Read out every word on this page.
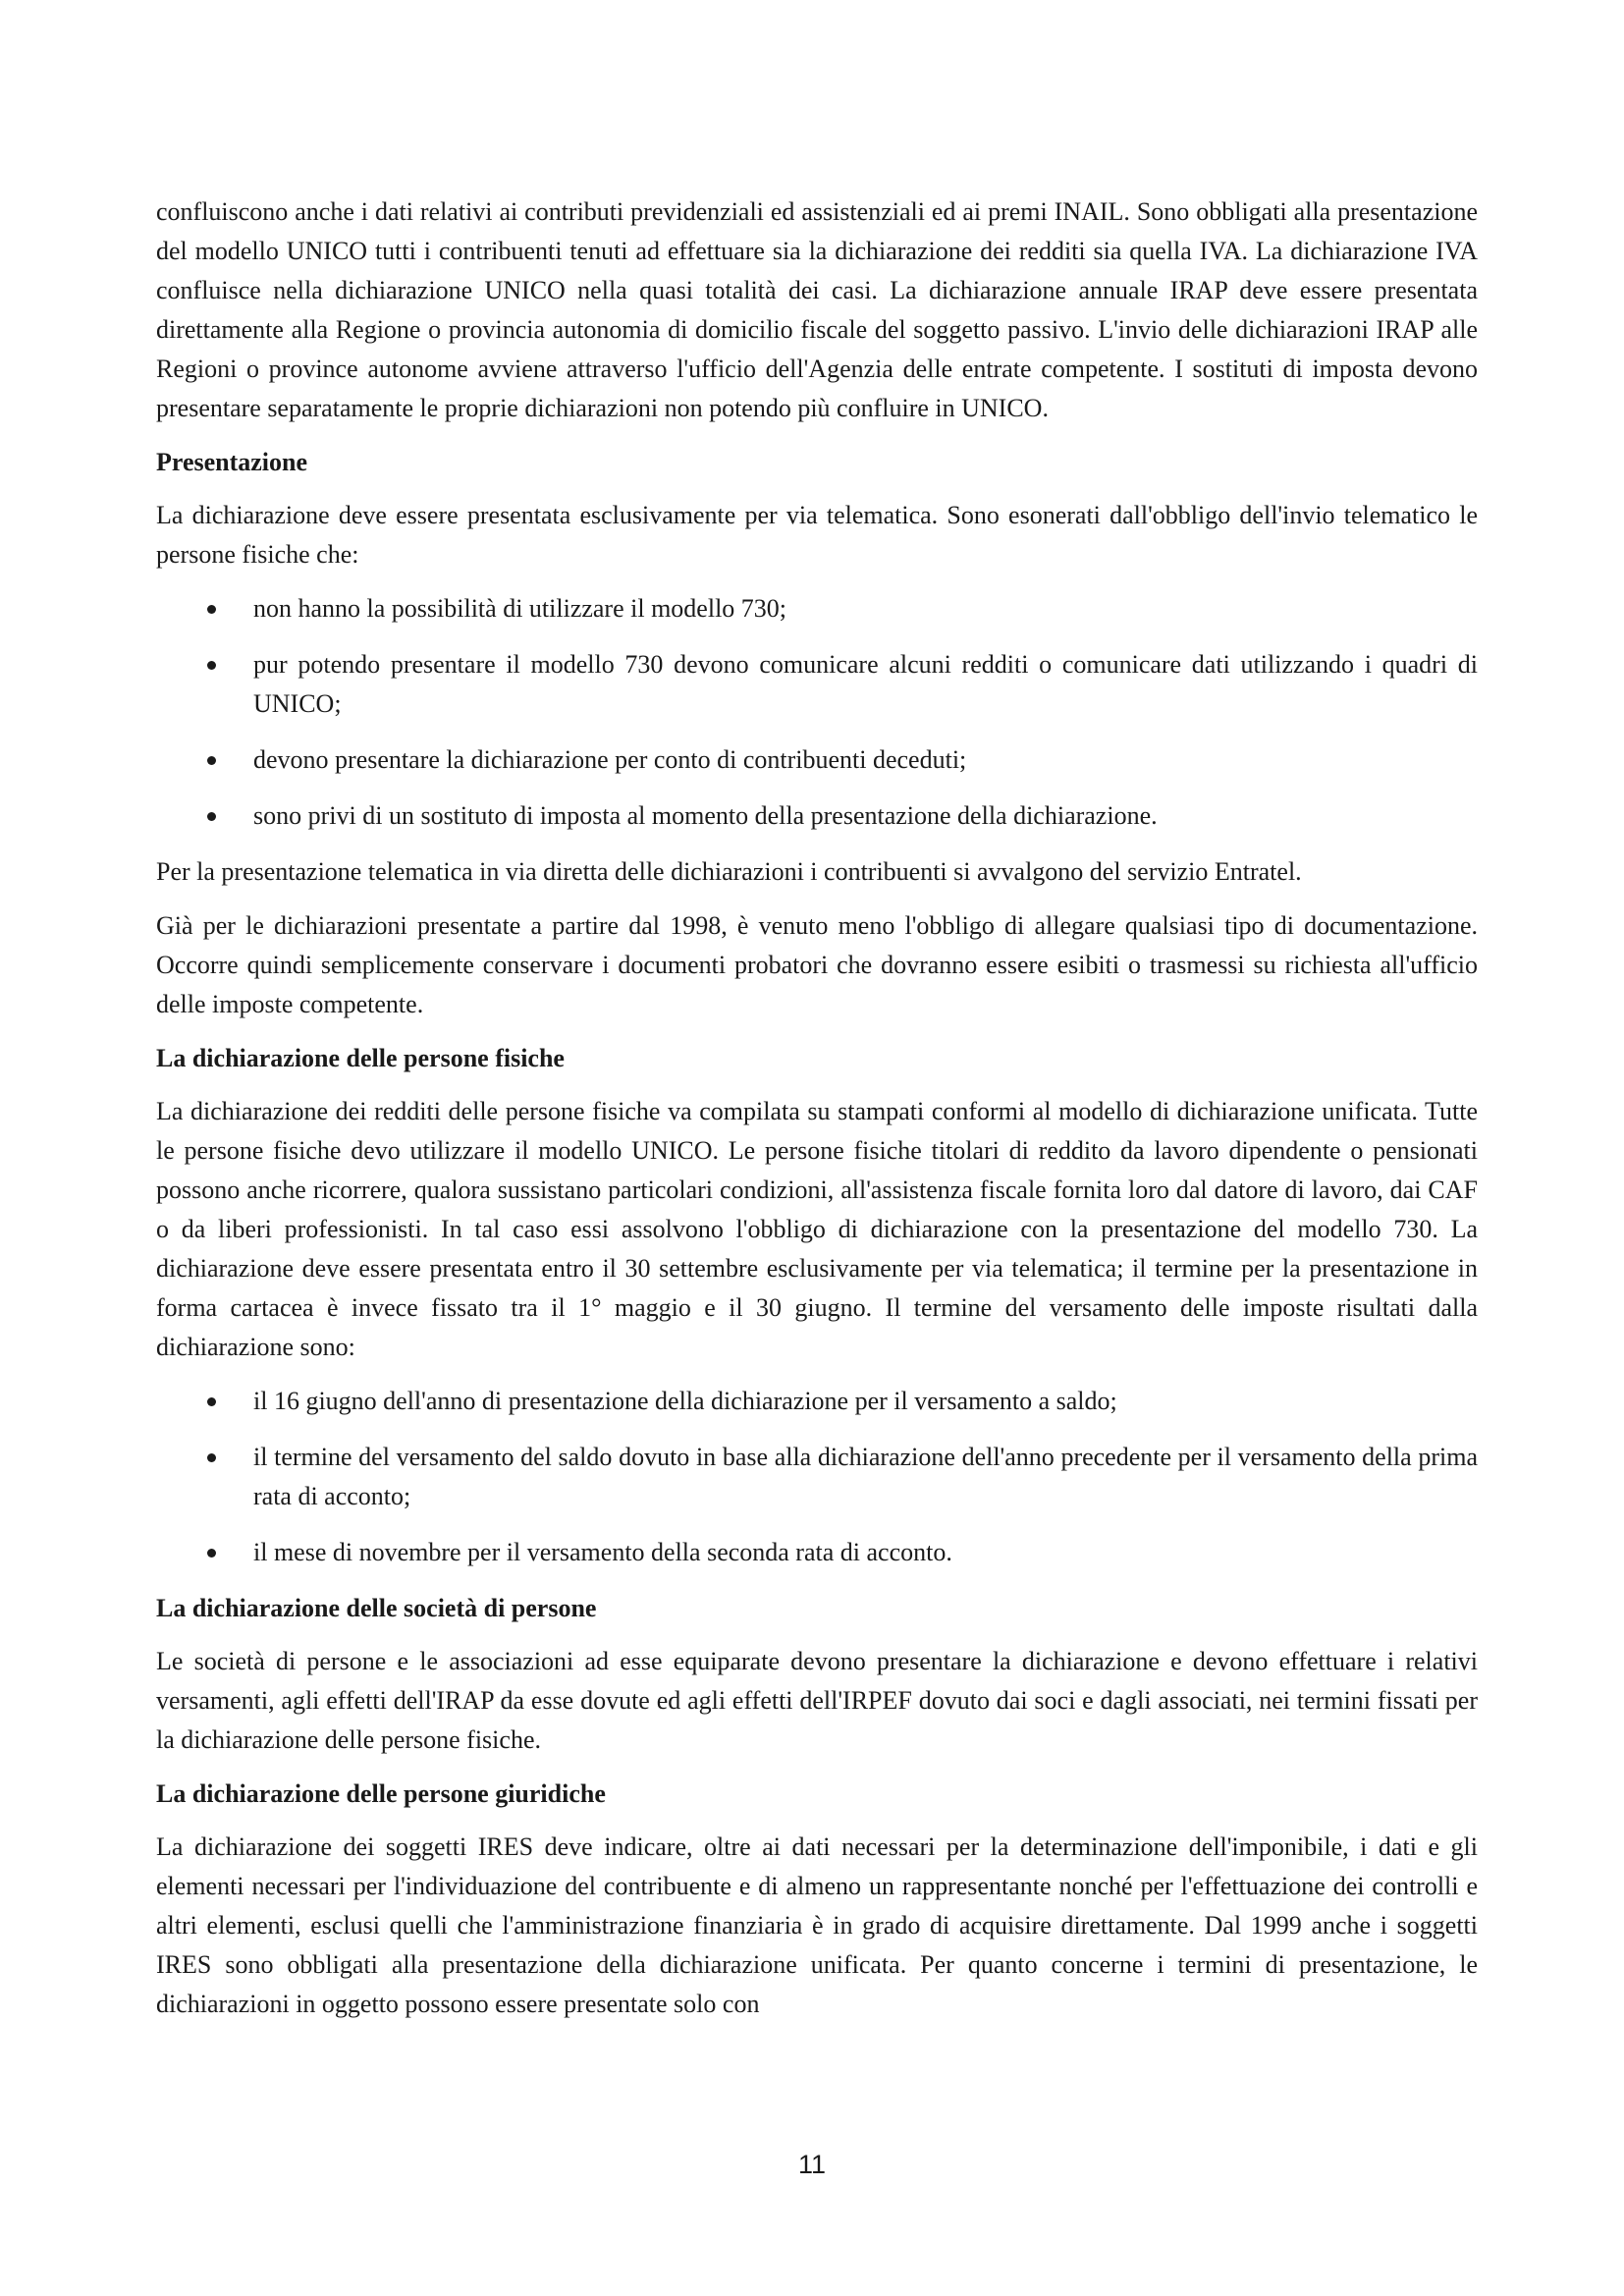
confluiscono anche i dati relativi ai contributi previdenziali ed assistenziali ed ai premi INAIL. Sono obbligati alla presentazione del modello UNICO tutti i contribuenti tenuti ad effettuare sia la dichiarazione dei redditi sia quella IVA. La dichiarazione IVA confluisce nella dichiarazione UNICO nella quasi totalità dei casi. La dichiarazione annuale IRAP deve essere presentata direttamente alla Regione o provincia autonomia di domicilio fiscale del soggetto passivo. L'invio delle dichiarazioni IRAP alle Regioni o province autonome avviene attraverso l'ufficio dell'Agenzia delle entrate competente. I sostituti di imposta devono presentare separatamente le proprie dichiarazioni non potendo più confluire in UNICO.

Presentazione

La dichiarazione deve essere presentata esclusivamente per via telematica. Sono esonerati dall'obbligo dell'invio telematico le persone fisiche che:

non hanno la possibilità di utilizzare il modello 730;
pur potendo presentare il modello 730 devono comunicare alcuni redditi o comunicare dati utilizzando i quadri di UNICO;
devono presentare la dichiarazione per conto di contribuenti deceduti;
sono privi di un sostituto di imposta al momento della presentazione della dichiarazione.

Per la presentazione telematica in via diretta delle dichiarazioni i contribuenti si avvalgono del servizio Entratel.

Già per le dichiarazioni presentate a partire dal 1998, è venuto meno l'obbligo di allegare qualsiasi tipo di documentazione. Occorre quindi semplicemente conservare i documenti probatori che dovranno essere esibiti o trasmessi su richiesta all'ufficio delle imposte competente.

La dichiarazione delle persone fisiche

La dichiarazione dei redditi delle persone fisiche va compilata su stampati conformi al modello di dichiarazione unificata. Tutte le persone fisiche devo utilizzare il modello UNICO. Le persone fisiche titolari di reddito da lavoro dipendente o pensionati possono anche ricorrere, qualora sussistano particolari condizioni, all'assistenza fiscale fornita loro dal datore di lavoro, dai CAF o da liberi professionisti. In tal caso essi assolvono l'obbligo di dichiarazione con la presentazione del modello 730. La dichiarazione deve essere presentata entro il 30 settembre esclusivamente per via telematica; il termine per la presentazione in forma cartacea è invece fissato tra il 1° maggio e il 30 giugno. Il termine del versamento delle imposte risultati dalla dichiarazione sono:

il 16 giugno dell'anno di presentazione della dichiarazione per il versamento a saldo;
il termine del versamento del saldo dovuto in base alla dichiarazione dell'anno precedente per il versamento della prima rata di acconto;
il mese di novembre per il versamento della seconda rata di acconto.
La dichiarazione delle società di persone

Le società di persone e le associazioni ad esse equiparate devono presentare la dichiarazione e devono effettuare i relativi versamenti, agli effetti dell'IRAP da esse dovute ed agli effetti dell'IRPEF dovuto dai soci e dagli associati, nei termini fissati per la dichiarazione delle persone fisiche.

La dichiarazione delle persone giuridiche

La dichiarazione dei soggetti IRES deve indicare, oltre ai dati necessari per la determinazione dell'imponibile, i dati e gli elementi necessari per l'individuazione del contribuente e di almeno un rappresentante nonché per l'effettuazione dei controlli e altri elementi, esclusi quelli che l'amministrazione finanziaria è in grado di acquisire direttamente. Dal 1999 anche i soggetti IRES sono obbligati alla presentazione della dichiarazione unificata. Per quanto concerne i termini di presentazione, le dichiarazioni in oggetto possono essere presentate solo con

11
